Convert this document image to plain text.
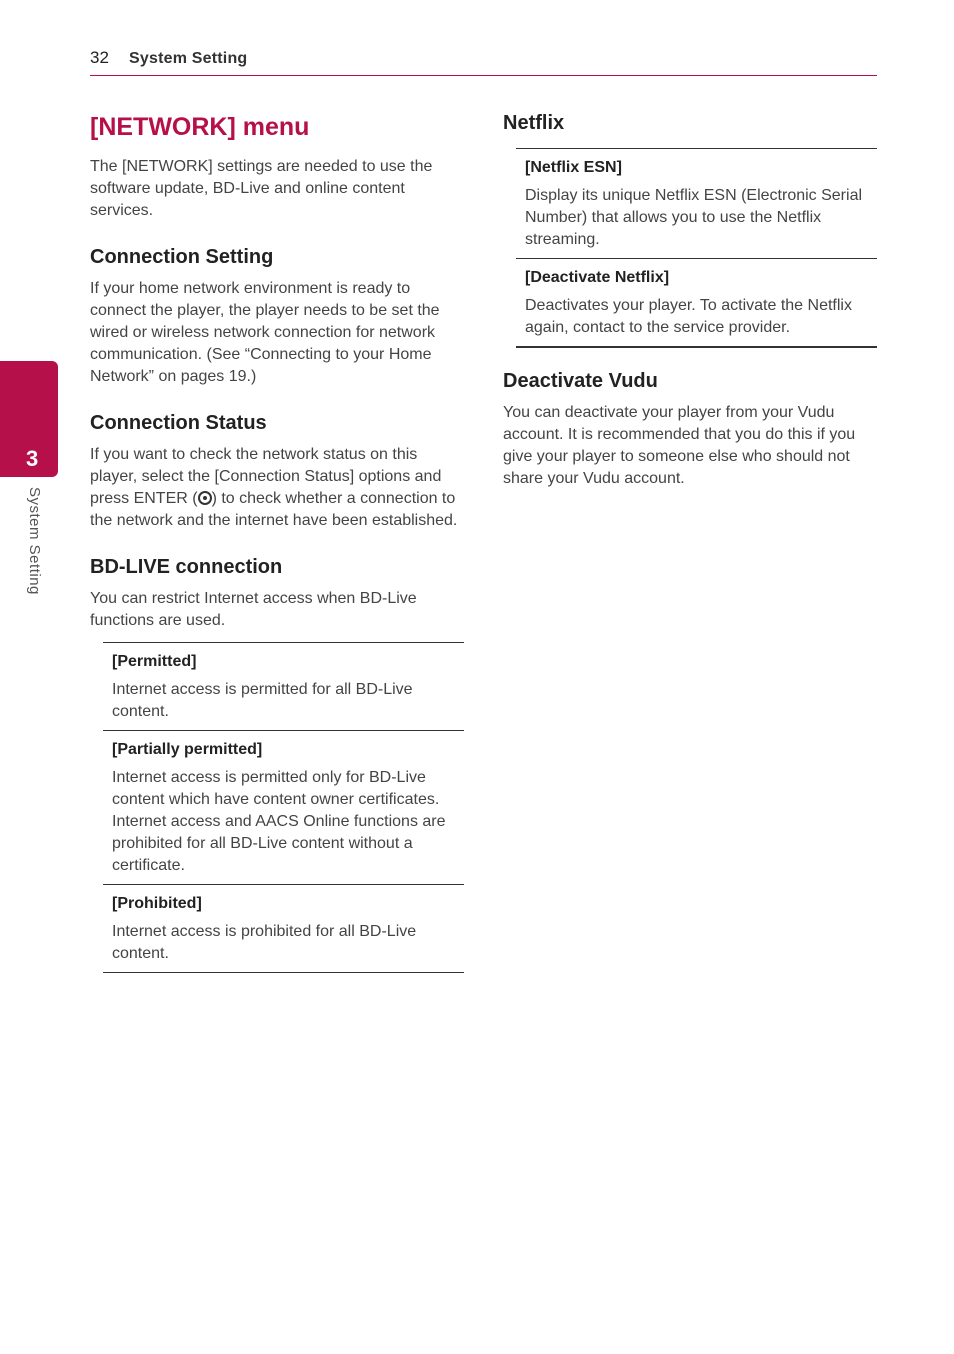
32 System Setting
3
System Setting
[NETWORK] menu

The [NETWORK] settings are needed to use the software update, BD-Live and online content services.

Connection Setting

If your home network environment is ready to connect the player, the player needs to be set the wired or wireless network connection for network communication. (See “Connecting to your Home Network” on pages 19.)

Connection Status

If you want to check the network status on this player, select the [Connection Status] options and press ENTER ( ) to check whether a connection to the network and the internet have been established.

BD-LIVE connection

You can restrict Internet access when BD-Live functions are used.

[Permitted]
Internet access is permitted for all BD-Live content.
[Partially permitted]
Internet access is permitted only for BD-Live content which have content owner certificates. Internet access and AACS Online functions are prohibited for all BD-Live content without a certificate.
[Prohibited]
Internet access is prohibited for all BD-Live content.
Netflix
[Netflix ESN]
Display its unique Netflix ESN (Electronic Serial Number) that allows you to use the Netflix streaming.
[Deactivate Netflix]
Deactivates your player. To activate the Netflix again, contact to the service provider.
Deactivate Vudu

You can deactivate your player from your Vudu account. It is recommended that you do this if you give your player to someone else who should not share your Vudu account.
